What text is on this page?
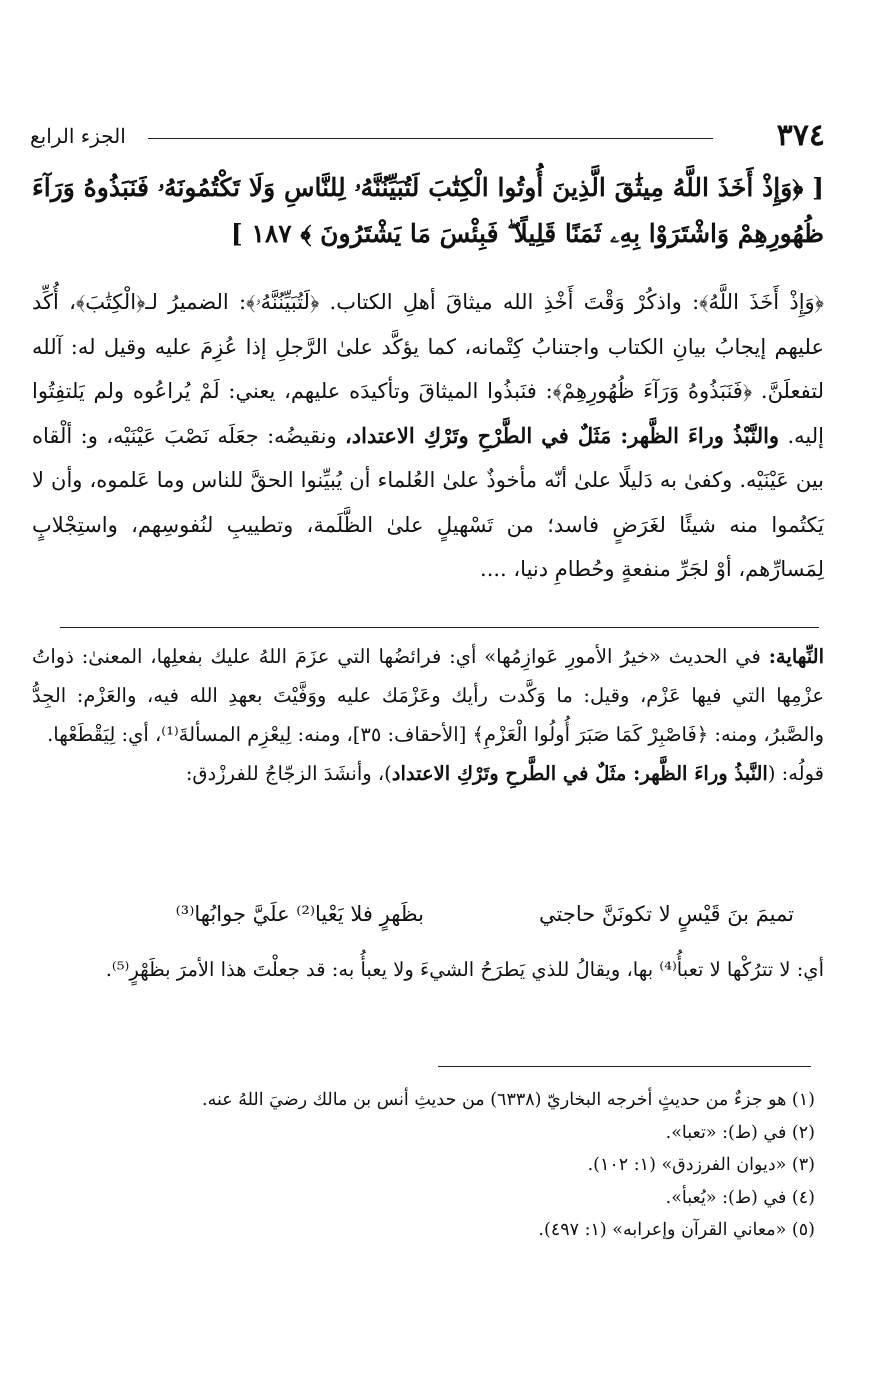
٣٧٤
الجزء الرابع
[ ﴿وَإِذْ أَخَذَ اللَّهُ مِيثَٰقَ الَّذِينَ أُوتُوا الْكِتَٰبَ لَتُبَيِّنُنَّهُۥ لِلنَّاسِ وَلَا تَكْتُمُونَهُۥ فَنَبَذُوهُ وَرَآءَ ظُهُورِهِمْ وَاشْتَرَوْا بِهِۦ ثَمَنًا قَلِيلًا ۖ فَبِئْسَ مَا يَشْتَرُونَ ﴾ ١٨٧ ]

﴿وَإِذْ أَخَذَ اللَّهُ﴾: واذكُرْ وَقْتَ أَخْذِ الله ميثاقَ أهلِ الكتاب. ﴿لَتُبَيِّنُنَّهُۥ﴾: الضميرُ لـ﴿الْكِتَٰبَ﴾، أُكِّد عليهم إيجابُ بيانِ الكتاب واجتنابُ كِتْمانه، كما يؤكَّد علىٰ الرَّجلِ إذا عُزِمَ عليه وقيل له: آلله لتفعلَنَّ. ﴿فَنَبَذُوهُ وَرَآءَ ظُهُورِهِمْ﴾: فنَبذُوا الميثاقَ وتأكيدَه عليهم، يعني: لَمْ يُراعُوه ولم يَلتفِتُوا إليه. والنَّبْذُ وراءَ الظَّهر: مَثَلٌ في الطَّرْحِ وتَرْكِ الاعتداد، ونقيضُه: جعَلَه نَصْبَ عَيْنَيْه، و: ألْقاه بين عَيْنَيْه. وكفىٰ به دَليلًا علىٰ أنّه مأخوذٌ علىٰ العُلماء أن يُبيِّنوا الحقَّ للناس وما عَلموه، وأن لا يَكتُموا منه شيئًا لغَرَضٍ فاسد؛ من تَسْهيلٍ علىٰ الظَّلَمة، وتطييبِ لنُفوسِهم، واستِجْلابٍ لِمَسارِّهم، أوْ لجَرِّ منفعةٍ وحُطامِ دنيا، ....

النِّهاية: في الحديث «خيرُ الأمورِ عَوازِمُها» أي: فرائضُها التي عزَمَ اللهُ عليك بفعلِها، المعنىٰ: ذواتُ عزْمِها التي فيها عَزْم، وقيل: ما وَكَّدت رأيك وعَزْمَك عليه ووَفَّيْتَ بعهدِ الله فيه، والعَزْم: الجِدُّ والصَّبرُ، ومنه: ﴿فَاصْبِرْ كَمَا صَبَرَ أُولُوا الْعَزْمِ﴾ [الأحقاف: ٣٥]، ومنه: لِيعْزِم المسألةَ⁽¹⁾، أي: لِيَقْطَعْها.

قولُه: (النَّبذُ وراءَ الظَّهر: مثَلٌ في الطَّرحِ وتَرْكِ الاعتداد)، وأنشَدَ الزجّاجُ للفرزْدق:

تميمَ بنَ قَيْسٍ لا تكونَنَّ حاجتي
بظَهرٍ فلا يَعْيا⁽²⁾ علَيَّ جوابُها⁽³⁾

أي: لا تترُكْها لا تعبأُ⁽⁴⁾ بها، ويقالُ للذي يَطرَحُ الشيءَ ولا يعبأُ به: قد جعلْتَ هذا الأمرَ بظَهْرٍ⁽⁵⁾.

(١) هو جزءٌ من حديثٍ أخرجه البخاريّ (٦٣٣٨) من حديثِ أنس بن مالك رضيَ اللهُ عنه.
(٢) في (ط): «تعبا».
(٣) «ديوان الفرزدق» (١: ١٠٢).
(٤) في (ط): «يُعبأ».
(٥) «معاني القرآن وإعرابه» (١: ٤٩٧).
